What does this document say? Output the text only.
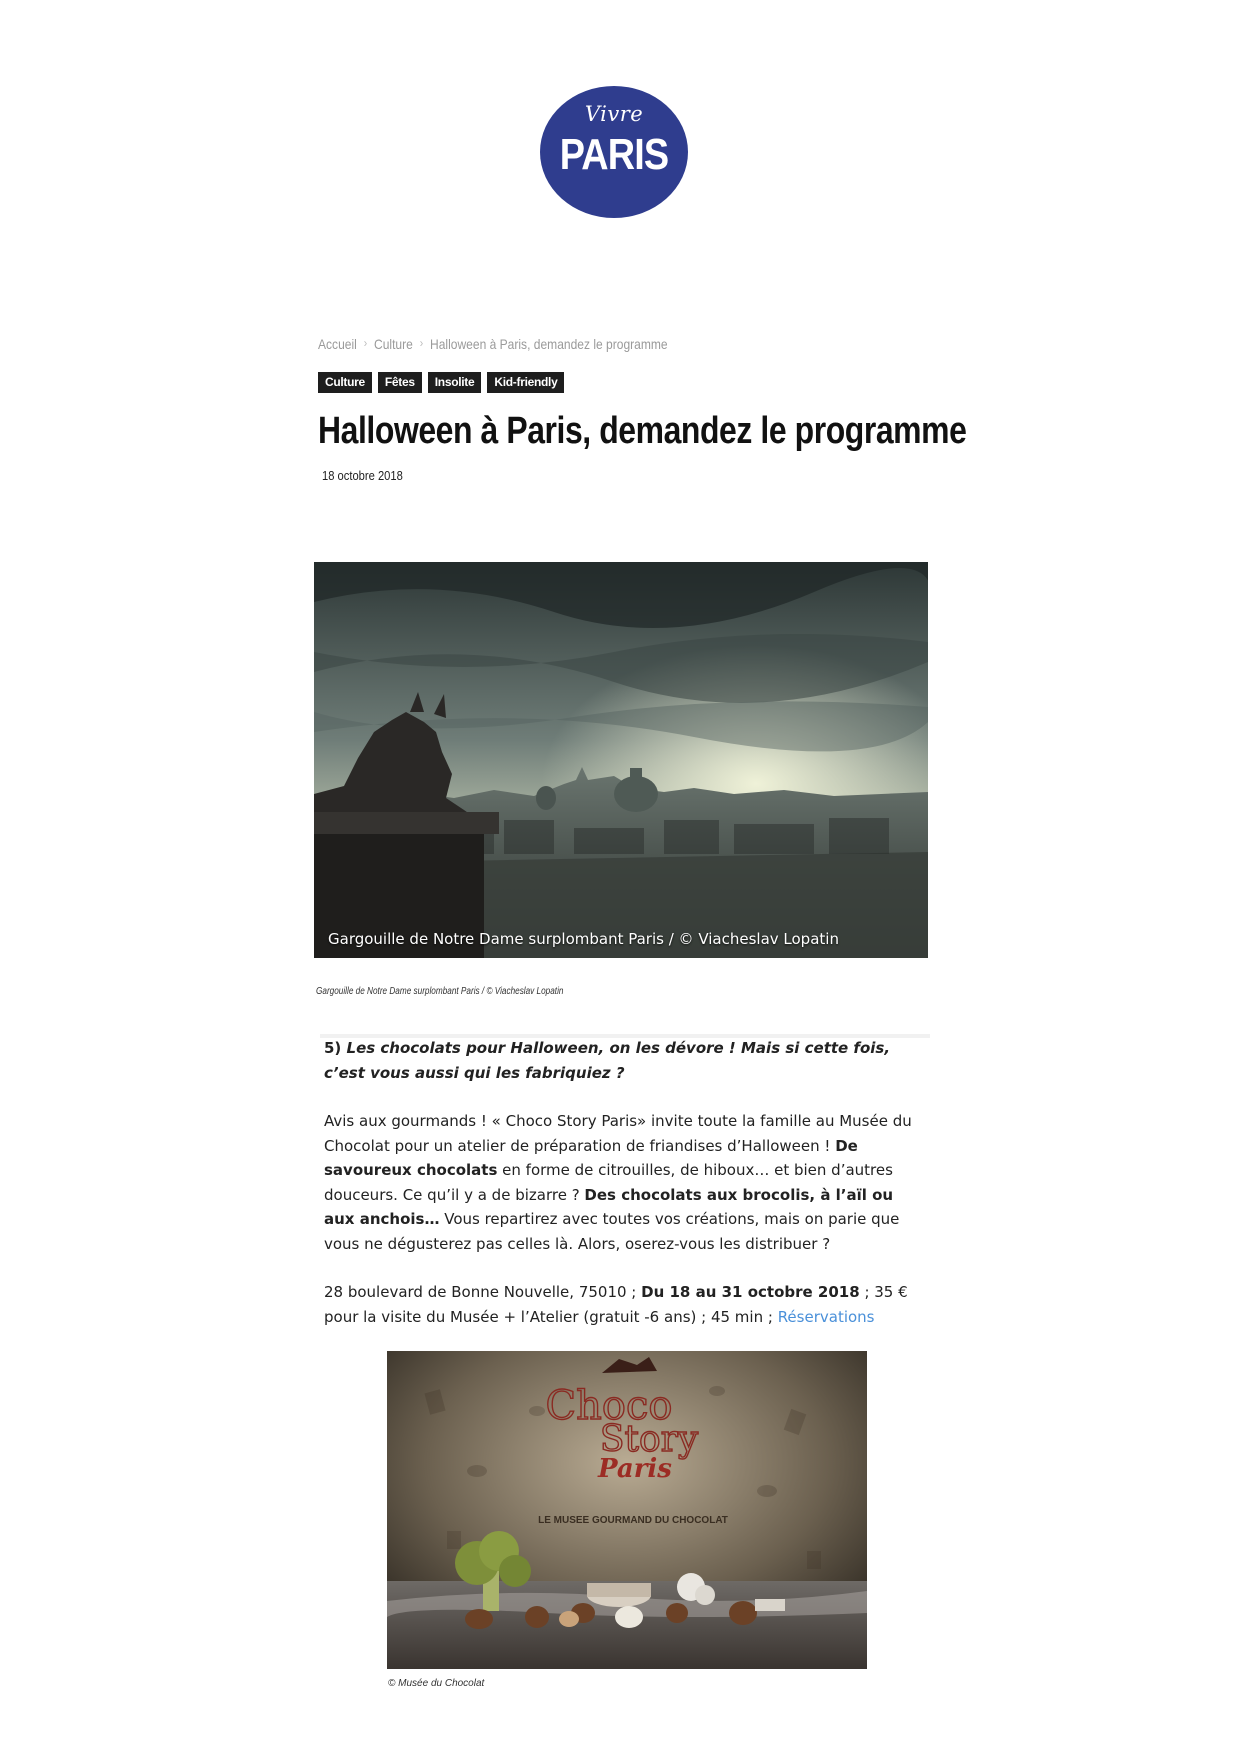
Vivre
PARIS
Accueil › Culture › Halloween à Paris, demandez le programme
Culture	Fêtes	Insolite	Kid-friendly
Halloween à Paris, demandez le programme
18 octobre 2018
Gargouille de Notre Dame surplombant Paris / © Viacheslav Lopatin
Gargouille de Notre Dame surplombant Paris / © Viacheslav Lopatin

5) Les chocolats pour Halloween, on les dévore ! Mais si cette fois, c’est vous aussi qui les fabriquiez ?

Avis aux gourmands ! « Choco Story Paris» invite toute la famille au Musée du Chocolat pour un atelier de préparation de friandises d’Halloween ! De savoureux chocolats en forme de citrouilles, de hiboux… et bien d’autres douceurs. Ce qu’il y a de bizarre ? Des chocolats aux brocolis, à l’aïl ou aux anchois… Vous repartirez avec toutes vos créations, mais on parie que vous ne dégusterez pas celles là. Alors, oserez-vous les distribuer ?

28 boulevard de Bonne Nouvelle, 75010 ; Du 18 au 31 octobre 2018 ; 35 € pour la visite du Musée + l’Atelier (gratuit -6 ans) ; 45 min ; Réservations

Choco
Story
Paris
LE MUSEE GOURMAND DU CHOCOLAT
© Musée du Chocolat
